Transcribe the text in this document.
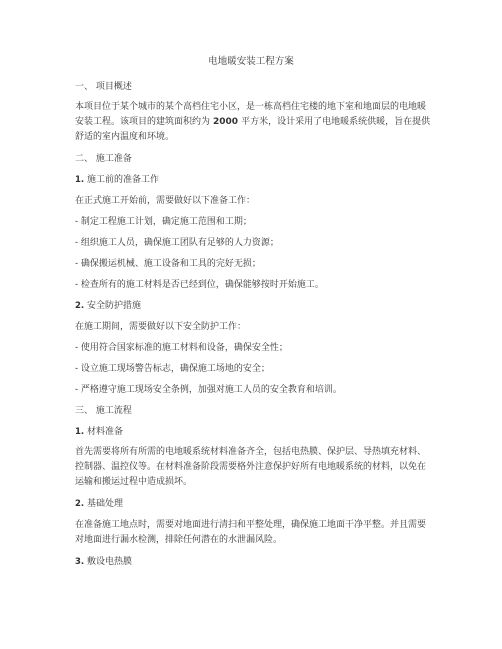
电地暖安装工程方案
一、 项目概述
本项目位于某个城市的某个高档住宅小区，是一栋高档住宅楼的地下室和地面层的电地暖
安装工程。该项目的建筑面积约为 2000 平方米，设计采用了电地暖系统供暖，旨在提供
舒适的室内温度和环境。
二、 施工准备
1. 施工前的准备工作
在正式施工开始前，需要做好以下准备工作：
- 制定工程施工计划，确定施工范围和工期；
- 组织施工人员，确保施工团队有足够的人力资源；
- 确保搬运机械、施工设备和工具的完好无损；
- 检查所有的施工材料是否已经到位，确保能够按时开始施工。
2. 安全防护措施
在施工期间，需要做好以下安全防护工作：
- 使用符合国家标准的施工材料和设备，确保安全性；
- 设立施工现场警告标志，确保施工场地的安全；
- 严格遵守施工现场安全条例，加强对施工人员的安全教育和培训。
三、 施工流程
1. 材料准备
首先需要将所有所需的电地暖系统材料准备齐全，包括电热膜、保护层、导热填充材料、
控制器、温控仪等。在材料准备阶段需要格外注意保护好所有电地暖系统的材料，以免在
运输和搬运过程中造成损坏。
2. 基础处理
在准备施工地点时，需要对地面进行清扫和平整处理，确保施工地面干净平整。并且需要
对地面进行漏水检测，排除任何潜在的水泄漏风险。
3. 敷设电热膜
